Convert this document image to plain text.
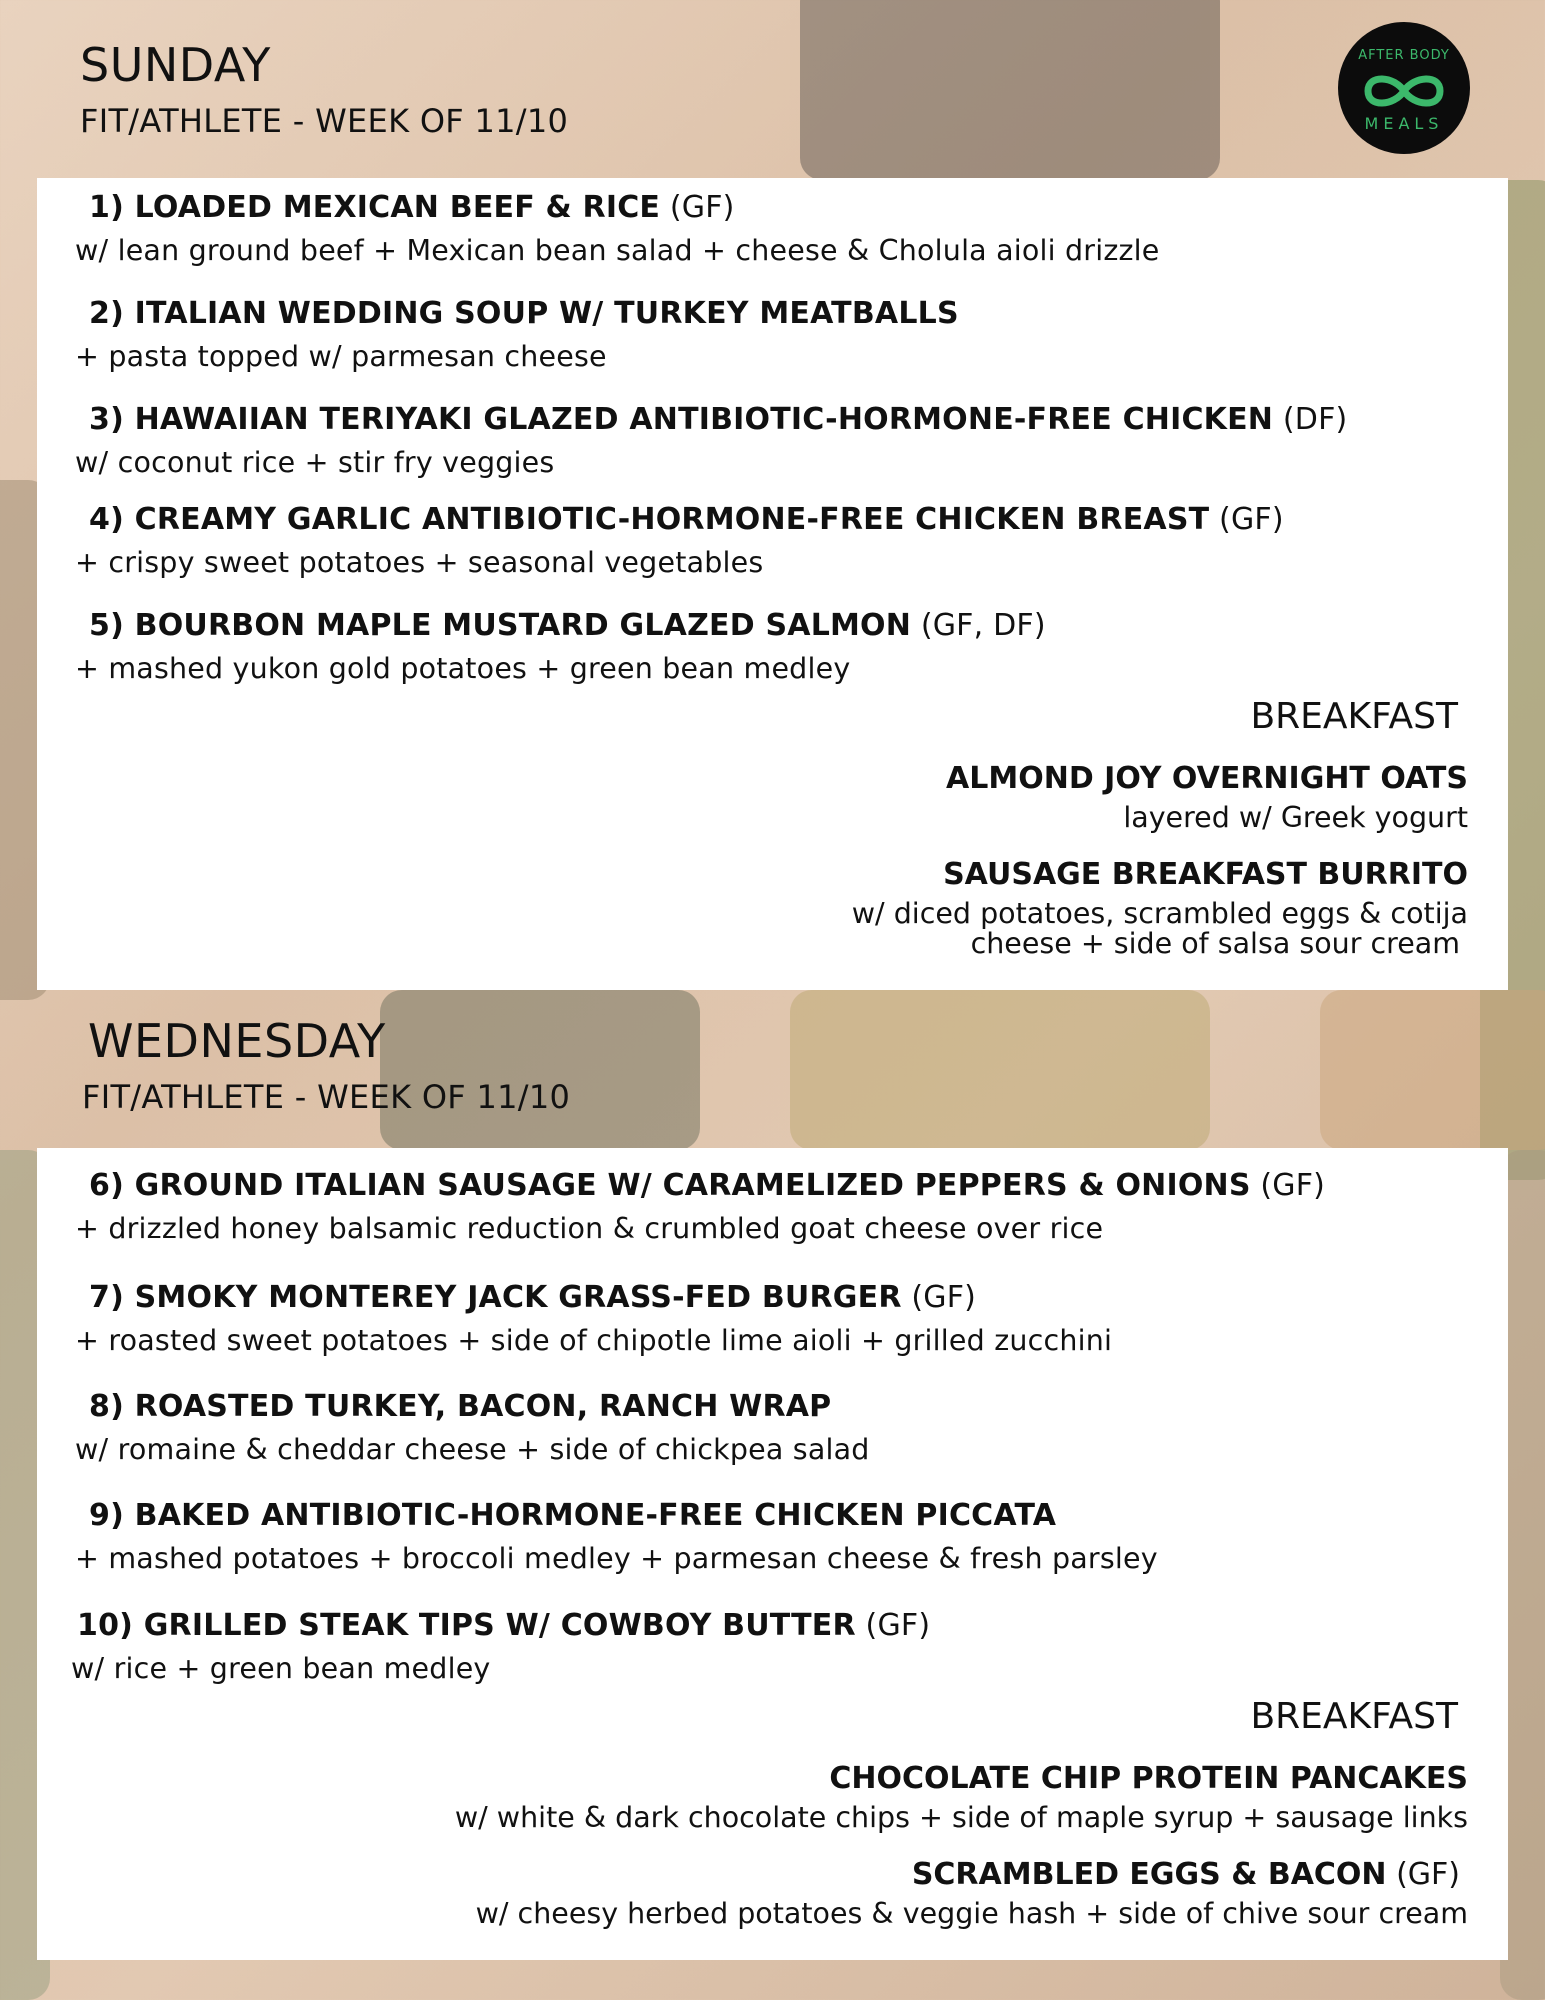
SUNDAY
FIT/ATHLETE - WEEK OF 11/10
AFTER BODY
MEALS
1) LOADED MEXICAN BEEF & RICE (GF)
w/ lean ground beef + Mexican bean salad + cheese & Cholula aioli drizzle
2) ITALIAN WEDDING SOUP W/ TURKEY MEATBALLS
+ pasta topped w/ parmesan cheese
3) HAWAIIAN TERIYAKI GLAZED ANTIBIOTIC-HORMONE-FREE CHICKEN (DF)
w/ coconut rice + stir fry veggies
4) CREAMY GARLIC ANTIBIOTIC-HORMONE-FREE CHICKEN BREAST (GF)
+ crispy sweet potatoes + seasonal vegetables
5) BOURBON MAPLE MUSTARD GLAZED SALMON (GF, DF)
+ mashed yukon gold potatoes + green bean medley
BREAKFAST
ALMOND JOY OVERNIGHT OATS
layered w/ Greek yogurt
SAUSAGE BREAKFAST BURRITO
w/ diced potatoes, scrambled eggs & cotija
cheese + side of salsa sour cream
WEDNESDAY
FIT/ATHLETE - WEEK OF 11/10
6) GROUND ITALIAN SAUSAGE W/ CARAMELIZED PEPPERS & ONIONS (GF)
+ drizzled honey balsamic reduction & crumbled goat cheese over rice
7) SMOKY MONTEREY JACK GRASS-FED BURGER (GF)
+ roasted sweet potatoes + side of chipotle lime aioli + grilled zucchini
8) ROASTED TURKEY, BACON, RANCH WRAP
w/ romaine & cheddar cheese + side of chickpea salad
9) BAKED ANTIBIOTIC-HORMONE-FREE CHICKEN PICCATA
+ mashed potatoes + broccoli medley + parmesan cheese & fresh parsley
10) GRILLED STEAK TIPS W/ COWBOY BUTTER (GF)
w/ rice + green bean medley
BREAKFAST
CHOCOLATE CHIP PROTEIN PANCAKES
w/ white & dark chocolate chips + side of maple syrup + sausage links
SCRAMBLED EGGS & BACON (GF)
w/ cheesy herbed potatoes & veggie hash + side of chive sour cream
